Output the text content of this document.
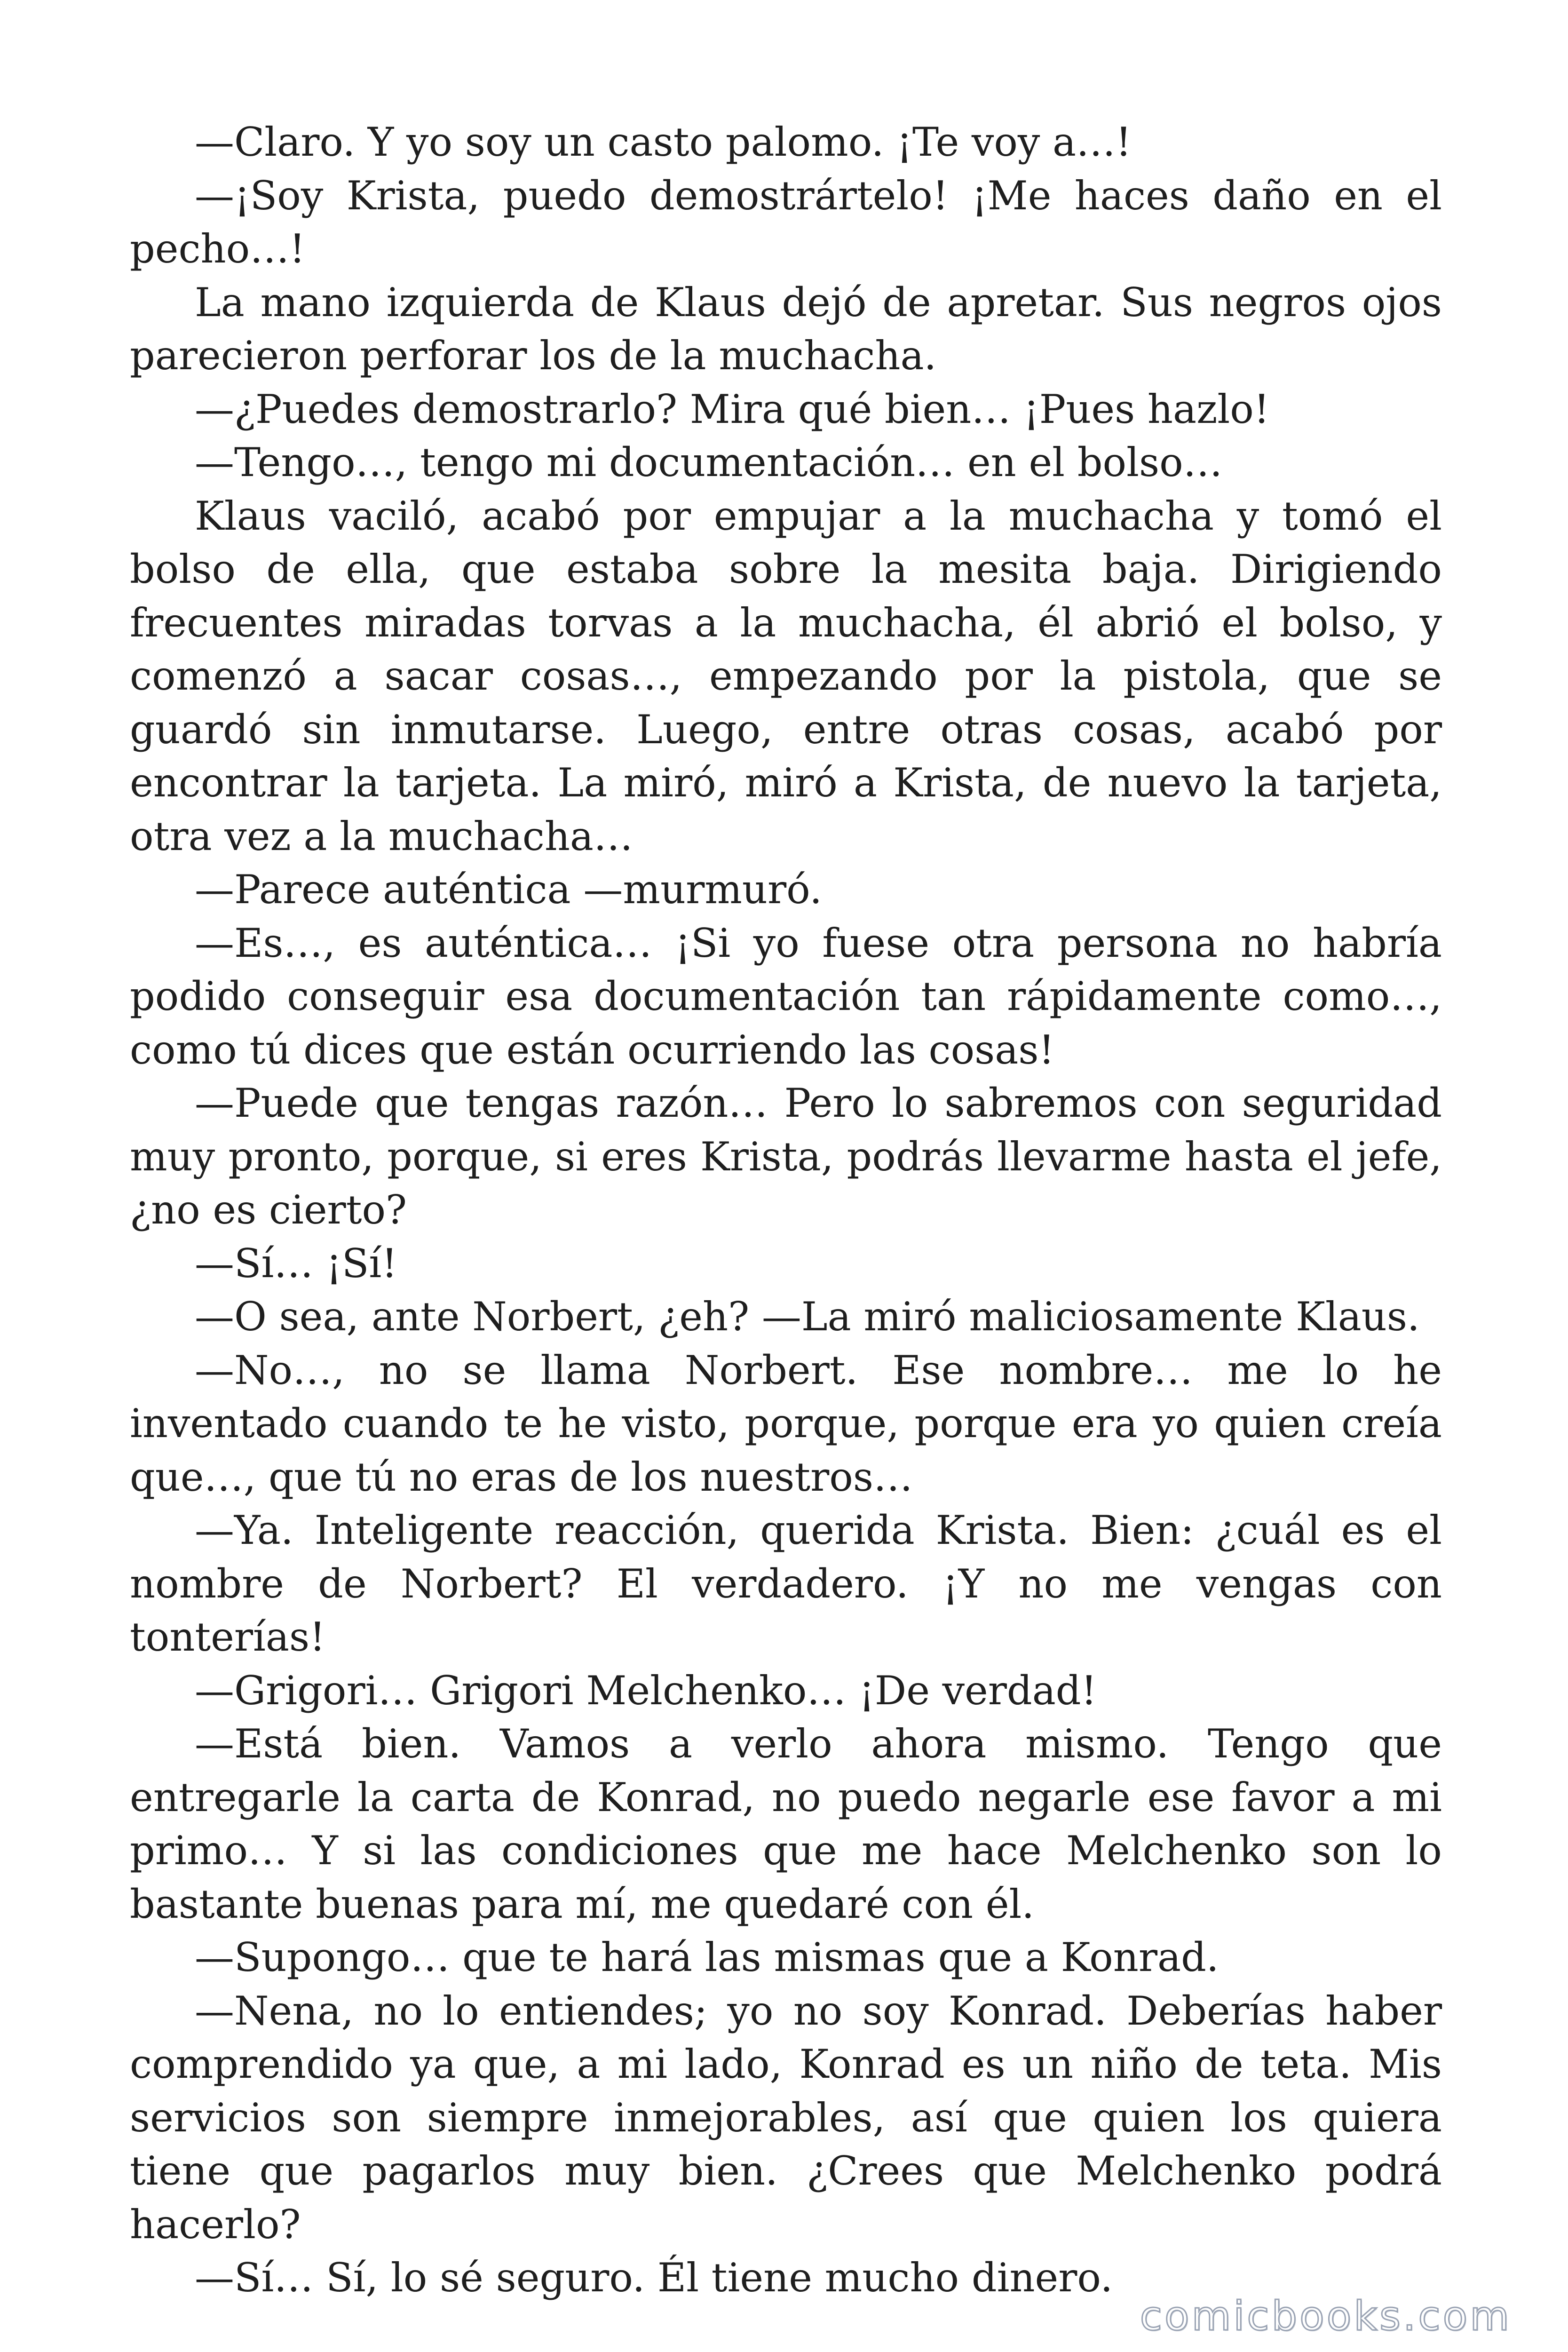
—Claro. Y yo soy un casto palomo. ¡Te voy a…!

—¡Soy Krista, puedo demostrártelo! ¡Me haces daño en el pecho…!

La mano izquierda de Klaus dejó de apretar. Sus negros ojos parecieron perforar los de la muchacha.

—¿Puedes demostrarlo? Mira qué bien… ¡Pues hazlo!

—Tengo…, tengo mi documentación… en el bolso…

Klaus vaciló, acabó por empujar a la muchacha y tomó el bolso de ella, que estaba sobre la mesita baja. Dirigiendo frecuentes miradas torvas a la muchacha, él abrió el bolso, y comenzó a sacar cosas…, empezando por la pistola, que se guardó sin inmutarse. Luego, entre otras cosas, acabó por encontrar la tarjeta. La miró, miró a Krista, de nuevo la tarjeta, otra vez a la muchacha…

—Parece auténtica —murmuró.

—Es…, es auténtica… ¡Si yo fuese otra persona no habría podido conseguir esa documentación tan rápidamente como…, como tú dices que están ocurriendo las cosas!

—Puede que tengas razón… Pero lo sabremos con seguridad muy pronto, porque, si eres Krista, podrás llevarme hasta el jefe, ¿no es cierto?

—Sí… ¡Sí!

—O sea, ante Norbert, ¿eh? —La miró maliciosamente Klaus.

—No…, no se llama Norbert. Ese nombre… me lo he inventado cuando te he visto, porque, porque era yo quien creía que…, que tú no eras de los nuestros…

—Ya. Inteligente reacción, querida Krista. Bien: ¿cuál es el nombre de Norbert? El verdadero. ¡Y no me vengas con tonterías!

—Grigori… Grigori Melchenko… ¡De verdad!

—Está bien. Vamos a verlo ahora mismo. Tengo que entregarle la carta de Konrad, no puedo negarle ese favor a mi primo… Y si las condiciones que me hace Melchenko son lo bastante buenas para mí, me quedaré con él.

—Supongo… que te hará las mismas que a Konrad.

—Nena, no lo entiendes; yo no soy Konrad. Deberías haber comprendido ya que, a mi lado, Konrad es un niño de teta. Mis servicios son siempre inmejorables, así que quien los quiera tiene que pagarlos muy bien. ¿Crees que Melchenko podrá hacerlo?

—Sí… Sí, lo sé seguro. Él tiene mucho dinero.

comicbooks.com
